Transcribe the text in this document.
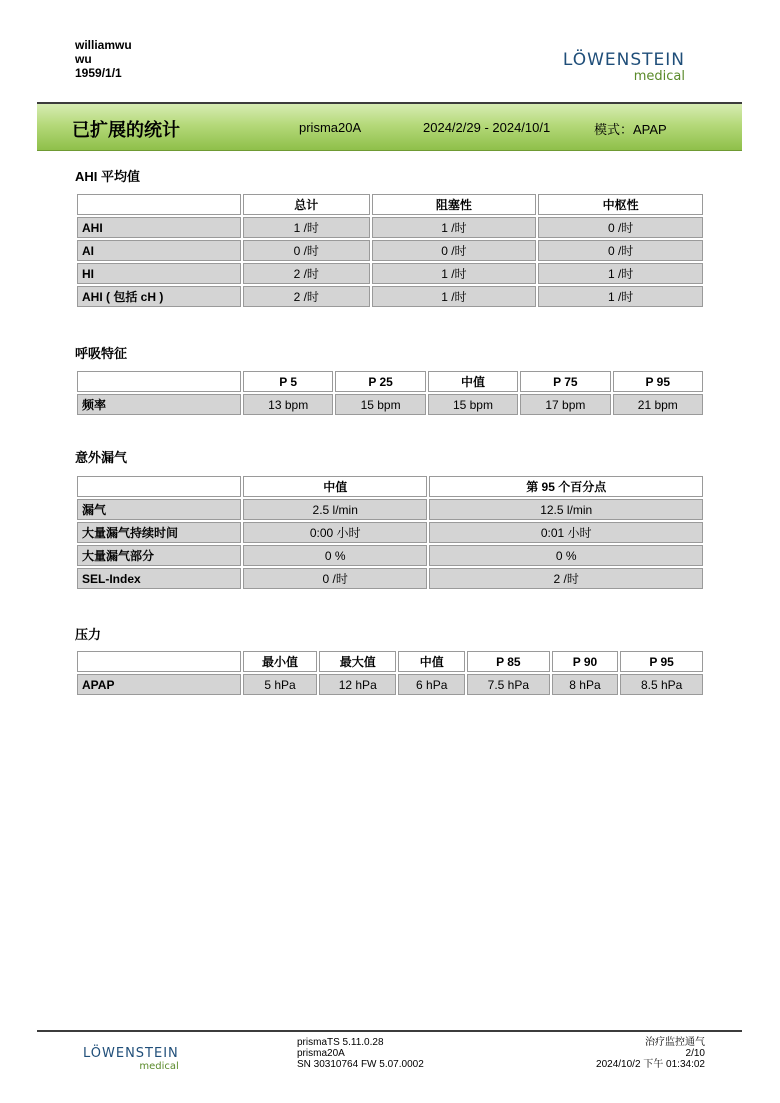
williamwu
wu
1959/1/1
LÖWENSTEIN
medical
已扩展的统计	prisma20A	2024/2/29 - 2024/10/1	模式：APAP
AHI 平均值
	总计	阻塞性	中枢性
AHI	1 /时	1 /时	0 /时
AI	0 /时	0 /时	0 /时
HI	2 /时	1 /时	1 /时
AHI ( 包括 cH )	2 /时	1 /时	1 /时
呼吸特征
	P 5	P 25	中值	P 75	P 95
频率	13 bpm	15 bpm	15 bpm	17 bpm	21 bpm
意外漏气
	中值	第 95 个百分点
漏气	2.5 l/min	12.5 l/min
大量漏气持续时间	0:00 小时	0:01 小时
大量漏气部分	0 %	0 %
SEL-Index	0 /时	2 /时
压力
	最小值	最大值	中值	P 85	P 90	P 95
APAP	5 hPa	12 hPa	6 hPa	7.5 hPa	8 hPa	8.5 hPa
LÖWENSTEIN
medical
prismaTS 5.11.0.28
prisma20A
SN 30310764 FW 5.07.0002
治疗监控通气
2/10
2024/10/2 下午 01:34:02
